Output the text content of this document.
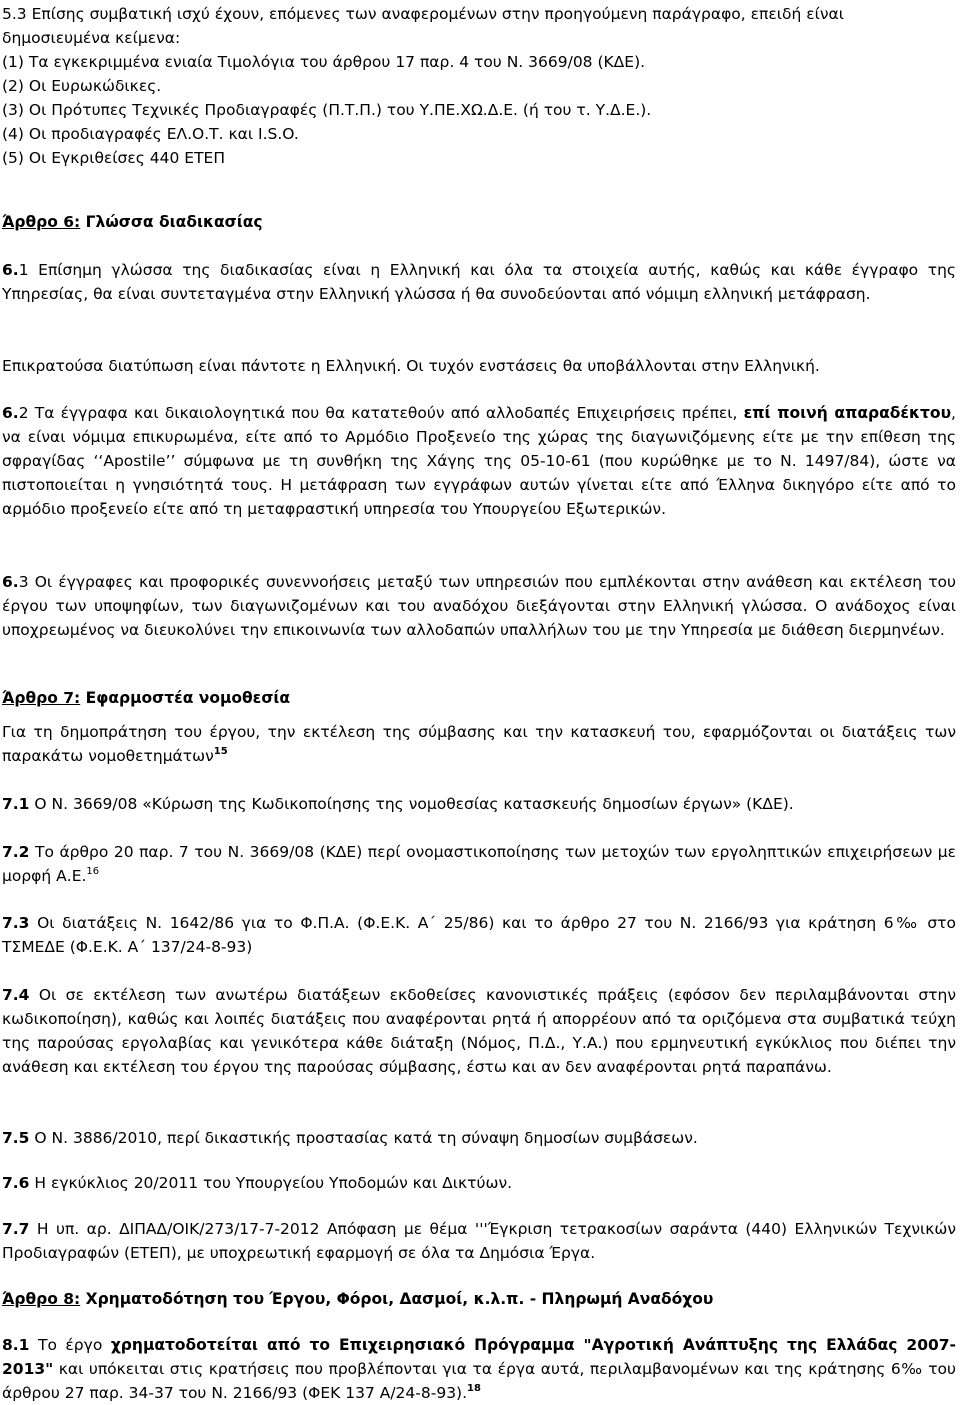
5.3 Επίσης συμβατική ισχύ έχουν, επόμενες των αναφερομένων στην προηγούμενη παράγραφο, επειδή είναι δημοσιευμένα κείμενα:

(1) Τα εγκεκριμμένα ενιαία Τιμολόγια του άρθρου 17 παρ. 4 του Ν. 3669/08 (ΚΔΕ).

(2) Οι Ευρωκώδικες.

(3) Οι Πρότυπες Τεχνικές Προδιαγραφές (Π.Τ.Π.) του Υ.ΠΕ.ΧΩ.Δ.Ε. (ή του τ. Υ.Δ.Ε.).

(4) Οι προδιαγραφές ΕΛ.Ο.Τ. και I.S.O.

(5) Οι Εγκριθείσες 440 ΕΤΕΠ

Άρθρο 6: Γλώσσα διαδικασίας

6.1 Επίσημη γλώσσα της διαδικασίας είναι η Ελληνική και όλα τα στοιχεία αυτής, καθώς και κάθε έγγραφο της Υπηρεσίας, θα είναι συντεταγμένα στην Ελληνική γλώσσα ή θα συνοδεύονται από νόμιμη ελληνική μετάφραση.

Επικρατούσα διατύπωση είναι πάντοτε η Ελληνική. Οι τυχόν ενστάσεις θα υποβάλλονται στην Ελληνική.

6.2 Τα έγγραφα και δικαιολογητικά που θα κατατεθούν από αλλοδαπές Επιχειρήσεις πρέπει, επί ποινή απαραδέκτου, να είναι νόμιμα επικυρωμένα, είτε από το Αρμόδιο Προξενείο της χώρας της διαγωνιζόμενης είτε με την επίθεση της σφραγίδας ‘‘Apostile’’ σύμφωνα με τη συνθήκη της Χάγης της 05-10-61 (που κυρώθηκε με το Ν. 1497/84), ώστε να πιστοποιείται η γνησιότητά τους. Η μετάφραση των εγγράφων αυτών γίνεται είτε από Έλληνα δικηγόρο είτε από το αρμόδιο προξενείο είτε από τη μεταφραστική υπηρεσία του Υπουργείου Εξωτερικών.

6.3 Οι έγγραφες και προφορικές συνεννοήσεις μεταξύ των υπηρεσιών που εμπλέκονται στην ανάθεση και εκτέλεση του έργου των υποψηφίων, των διαγωνιζομένων και του αναδόχου διεξάγονται στην Ελληνική γλώσσα. Ο ανάδοχος είναι υποχρεωμένος να διευκολύνει την επικοινωνία των αλλοδαπών υπαλλήλων του με την Υπηρεσία με διάθεση διερμηνέων.

Άρθρο 7: Εφαρμοστέα νομοθεσία

Για τη δημοπράτηση του έργου, την εκτέλεση της σύμβασης και την κατασκευή του, εφαρμόζονται οι διατάξεις των παρακάτω νομοθετημάτων$^{15}$

7.1 Ο Ν. 3669/08 «Κύρωση της Κωδικοποίησης της νομοθεσίας κατασκευής δημοσίων έργων» (ΚΔΕ).

7.2 Το άρθρο 20 παρ. 7 του Ν. 3669/08 (ΚΔΕ) περί ονομαστικοποίησης των μετοχών των εργοληπτικών επιχειρήσεων με μορφή Α.Ε.$^{16}$

7.3 Οι διατάξεις Ν. 1642/86 για το Φ.Π.Α. (Φ.Ε.Κ. Α΄ 25/86) και το άρθρο 27 του Ν. 2166/93 για κράτηση 6‰ στο ΤΣΜΕΔΕ (Φ.Ε.Κ. Α΄ 137/24-8-93)

7.4 Οι σε εκτέλεση των ανωτέρω διατάξεων εκδοθείσες κανονιστικές πράξεις (εφόσον δεν περιλαμβάνονται στην κωδικοποίηση), καθώς και λοιπές διατάξεις που αναφέρονται ρητά ή απορρέουν από τα οριζόμενα στα συμβατικά τεύχη της παρούσας εργολαβίας και γενικότερα κάθε διάταξη (Νόμος, Π.Δ., Υ.Α.) που ερμηνευτική εγκύκλιος που διέπει την ανάθεση και εκτέλεση του έργου της παρούσας σύμβασης, έστω και αν δεν αναφέρονται ρητά παραπάνω.

7.5 Ο Ν. 3886/2010, περί δικαστικής προστασίας κατά τη σύναψη δημοσίων συμβάσεων.

7.6 Η εγκύκλιος 20/2011 του Υπουργείου Υποδομών και Δικτύων.

7.7 Η υπ. αρ. ΔΙΠΑΔ/ΟΙΚ/273/17-7-2012 Απόφαση με θέμα '''Έγκριση τετρακοσίων σαράντα (440) Ελληνικών Τεχνικών Προδιαγραφών (ΕΤΕΠ), με υποχρεωτική εφαρμογή σε όλα τα Δημόσια Έργα.

Άρθρο 8: Χρηματοδότηση του Έργου, Φόροι, Δασμοί, κ.λ.π. - Πληρωμή Αναδόχου

8.1 Το έργο χρηματοδοτείται από το Επιχειρησιακό Πρόγραμμα "Αγροτική Ανάπτυξης της Ελλάδας 2007-2013" και υπόκειται στις κρατήσεις που προβλέπονται για τα έργα αυτά, περιλαμβανομένων και της κράτησης 6‰ του άρθρου 27 παρ. 34-37 του Ν. 2166/93 (ΦΕΚ 137 Α/24-8-93).$^{18}$
